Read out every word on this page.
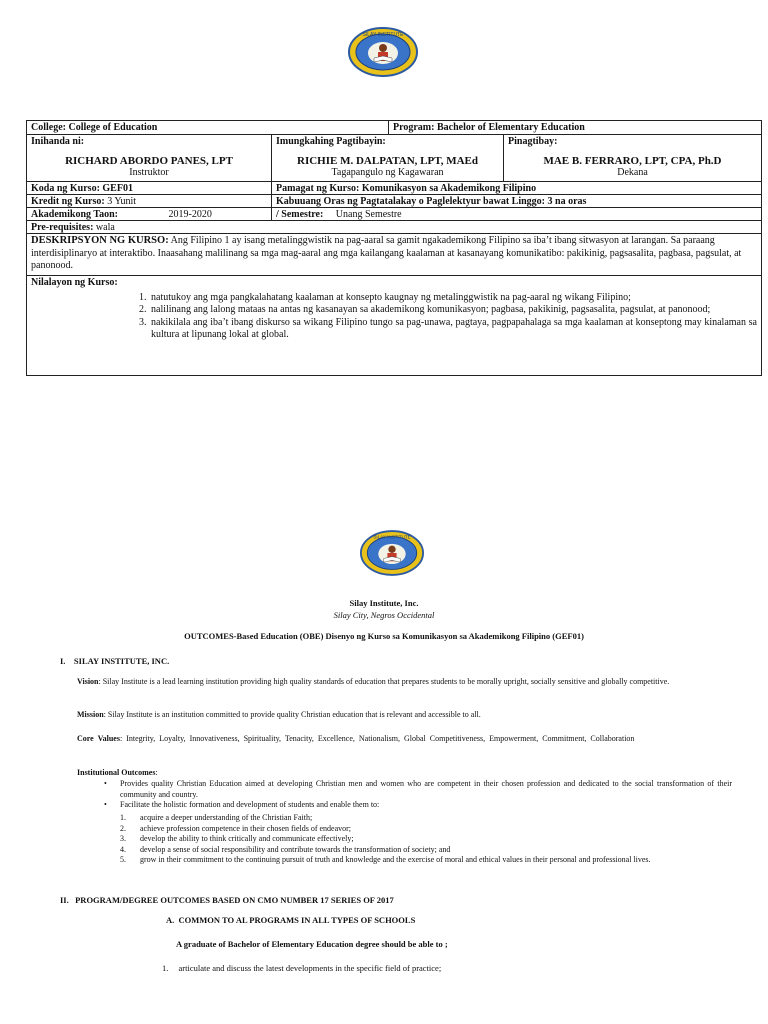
SILAY INSTITUTE
College: College of Education	Program: Bachelor of Elementary Education
Inihanda ni:
RICHARD ABORDO PANES, LPT
Instruktor
Imungkahing Pagtibayin:
RICHIE M. DALPATAN, LPT, MAEd
Tagapangulo ng Kagawaran
Pinagtibay:
MAE B. FERRARO, LPT, CPA, Ph.D
Dekana
Koda ng Kurso: GEF01	Pamagat ng Kurso: Komunikasyon sa Akademikong Filipino
Kredit ng Kurso: 3 Yunit	Kabuuang Oras ng Pagtatalakay o Paglelektyur bawat Linggo: 3 na oras
Akademikong Taon:	2019-2020	/ Semestre: Unang Semestre
Pre-requisites: wala
DESKRIPSYON NG KURSO: Ang Filipino 1 ay isang metalinggwistik na pag-aaral sa gamit ngakademikong Filipino sa iba’t ibang sitwasyon at larangan. Sa paraang interdisiplinaryo at interaktibo. Inaasahang malilinang sa mga mag-aaral ang mga kailangang kaalaman at kasanayang komunikatibo: pakikinig, pagsasalita, pagbasa, pagsulat, at panonood.
Nilalayon ng Kurso:
1. natutukoy ang mga pangkalahatang kaalaman at konsepto kaugnay ng metalinggwistik na pag-aaral ng wikang Filipino;
2. nalilinang ang lalong mataas na antas ng kasanayan sa akademikong komunikasyon; pagbasa, pakikinig, pagsasalita, pagsulat, at panonood;
3. nakikilala ang iba’t ibang diskurso sa wikang Filipino tungo sa pag-unawa, pagtaya, pagpapahalaga sa mga kaalaman at konseptong may kinalaman sa kultura at lipunang lokal at global.
SILAY INSTITUTE
Silay Institute, Inc.
Silay City, Negros Occidental
OUTCOMES-Based Education (OBE) Disenyo ng Kurso sa Komunikasyon sa Akademikong Filipino (GEF01)
I.    SILAY INSTITUTE, INC.
Vision: Silay Institute is a lead learning institution providing high quality standards of education that prepares students to be morally upright, socially sensitive and globally competitive.
Mission: Silay Institute is an institution committed to provide quality Christian education that is relevant and accessible to all.
Core Values: Integrity, Loyalty, Innovativeness, Spirituality, Tenacity, Excellence, Nationalism, Global Competitiveness, Empowerment, Commitment, Collaboration
Institutional Outcomes:
• Provides quality Christian Education aimed at developing Christian men and women who are competent in their chosen profession and dedicated to the social transformation of their community and country.
• Facilitate the holistic formation and development of students and enable them to:
1. acquire a deeper understanding of the Christian Faith;
2. achieve profession competence in their chosen fields of endeavor;
3. develop the ability to think critically and communicate effectively;
4. develop a sense of social responsibility and contribute towards the transformation of society; and
5. grow in their commitment to the continuing pursuit of truth and knowledge and the exercise of moral and ethical values in their personal and professional lives.
II.   PROGRAM/DEGREE OUTCOMES BASED ON CMO NUMBER 17 SERIES OF 2017
A.  COMMON TO AL PROGRAMS IN ALL TYPES OF SCHOOLS
A graduate of Bachelor of Elementary Education degree should be able to ;
1. articulate and discuss the latest developments in the specific field of practice;
